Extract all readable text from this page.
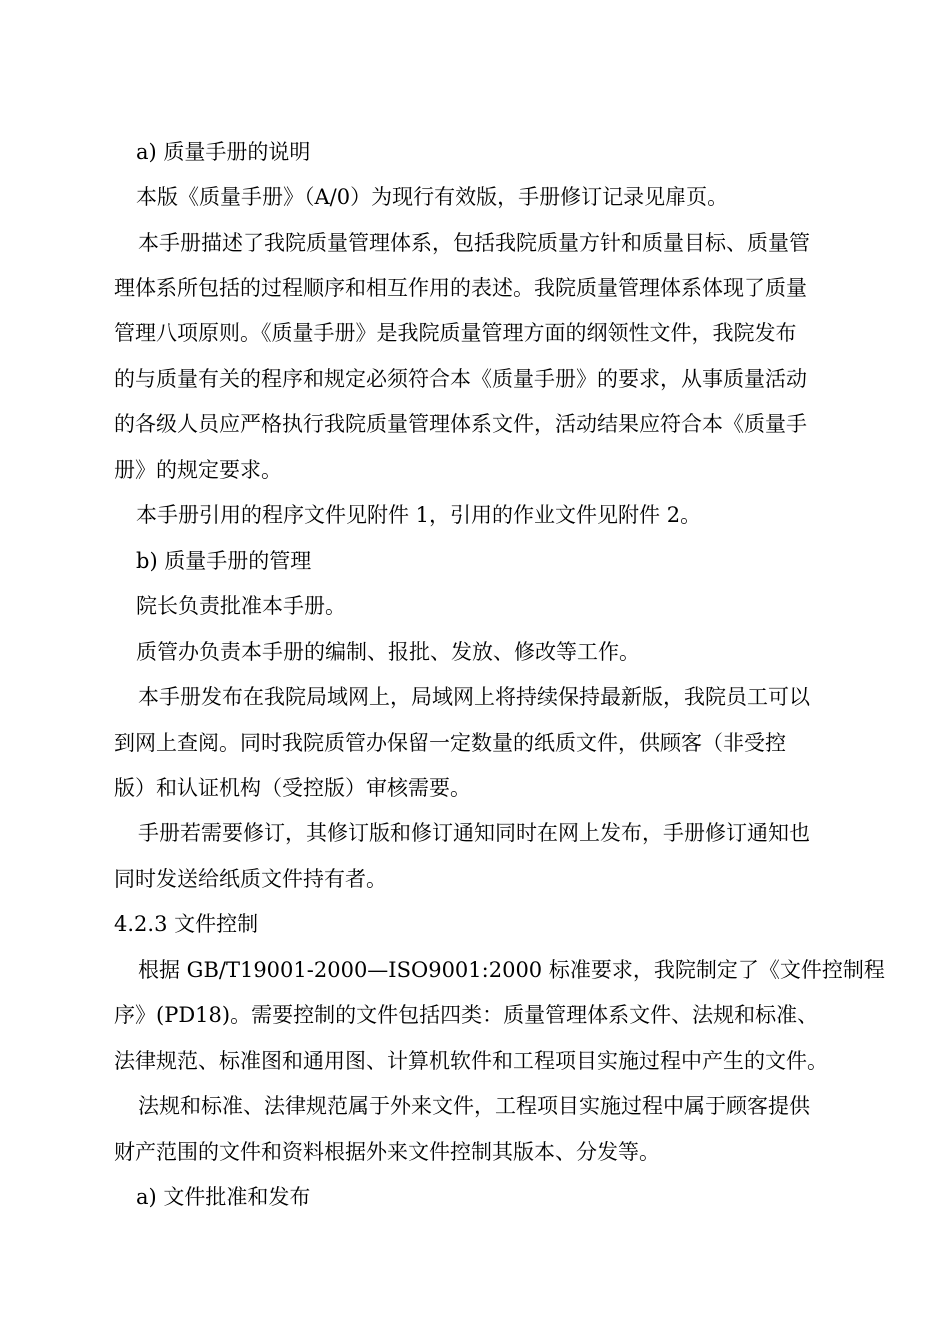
a) 质量手册的说明

本版《质量手册》（A/0）为现行有效版，手册修订记录见扉页。

本手册描述了我院质量管理体系，包括我院质量方针和质量目标、质量管

理体系所包括的过程顺序和相互作用的表述。我院质量管理体系体现了质量

管理八项原则。《质量手册》是我院质量管理方面的纲领性文件，我院发布

的与质量有关的程序和规定必须符合本《质量手册》的要求，从事质量活动

的各级人员应严格执行我院质量管理体系文件，活动结果应符合本《质量手

册》的规定要求。

本手册引用的程序文件见附件 1，引用的作业文件见附件 2。

b) 质量手册的管理

院长负责批准本手册。

质管办负责本手册的编制、报批、发放、修改等工作。

本手册发布在我院局域网上，局域网上将持续保持最新版，我院员工可以

到网上查阅。同时我院质管办保留一定数量的纸质文件，供顾客（非受控

版）和认证机构（受控版）审核需要。

手册若需要修订，其修订版和修订通知同时在网上发布，手册修订通知也

同时发送给纸质文件持有者。

4.2.3 文件控制

根据 GB/T19001-2000—ISO9001:2000 标准要求，我院制定了《文件控制程

序》(PD18)。需要控制的文件包括四类：质量管理体系文件、法规和标准、

法律规范、标准图和通用图、计算机软件和工程项目实施过程中产生的文件。

法规和标准、法律规范属于外来文件，工程项目实施过程中属于顾客提供

财产范围的文件和资料根据外来文件控制其版本、分发等。

a) 文件批准和发布
